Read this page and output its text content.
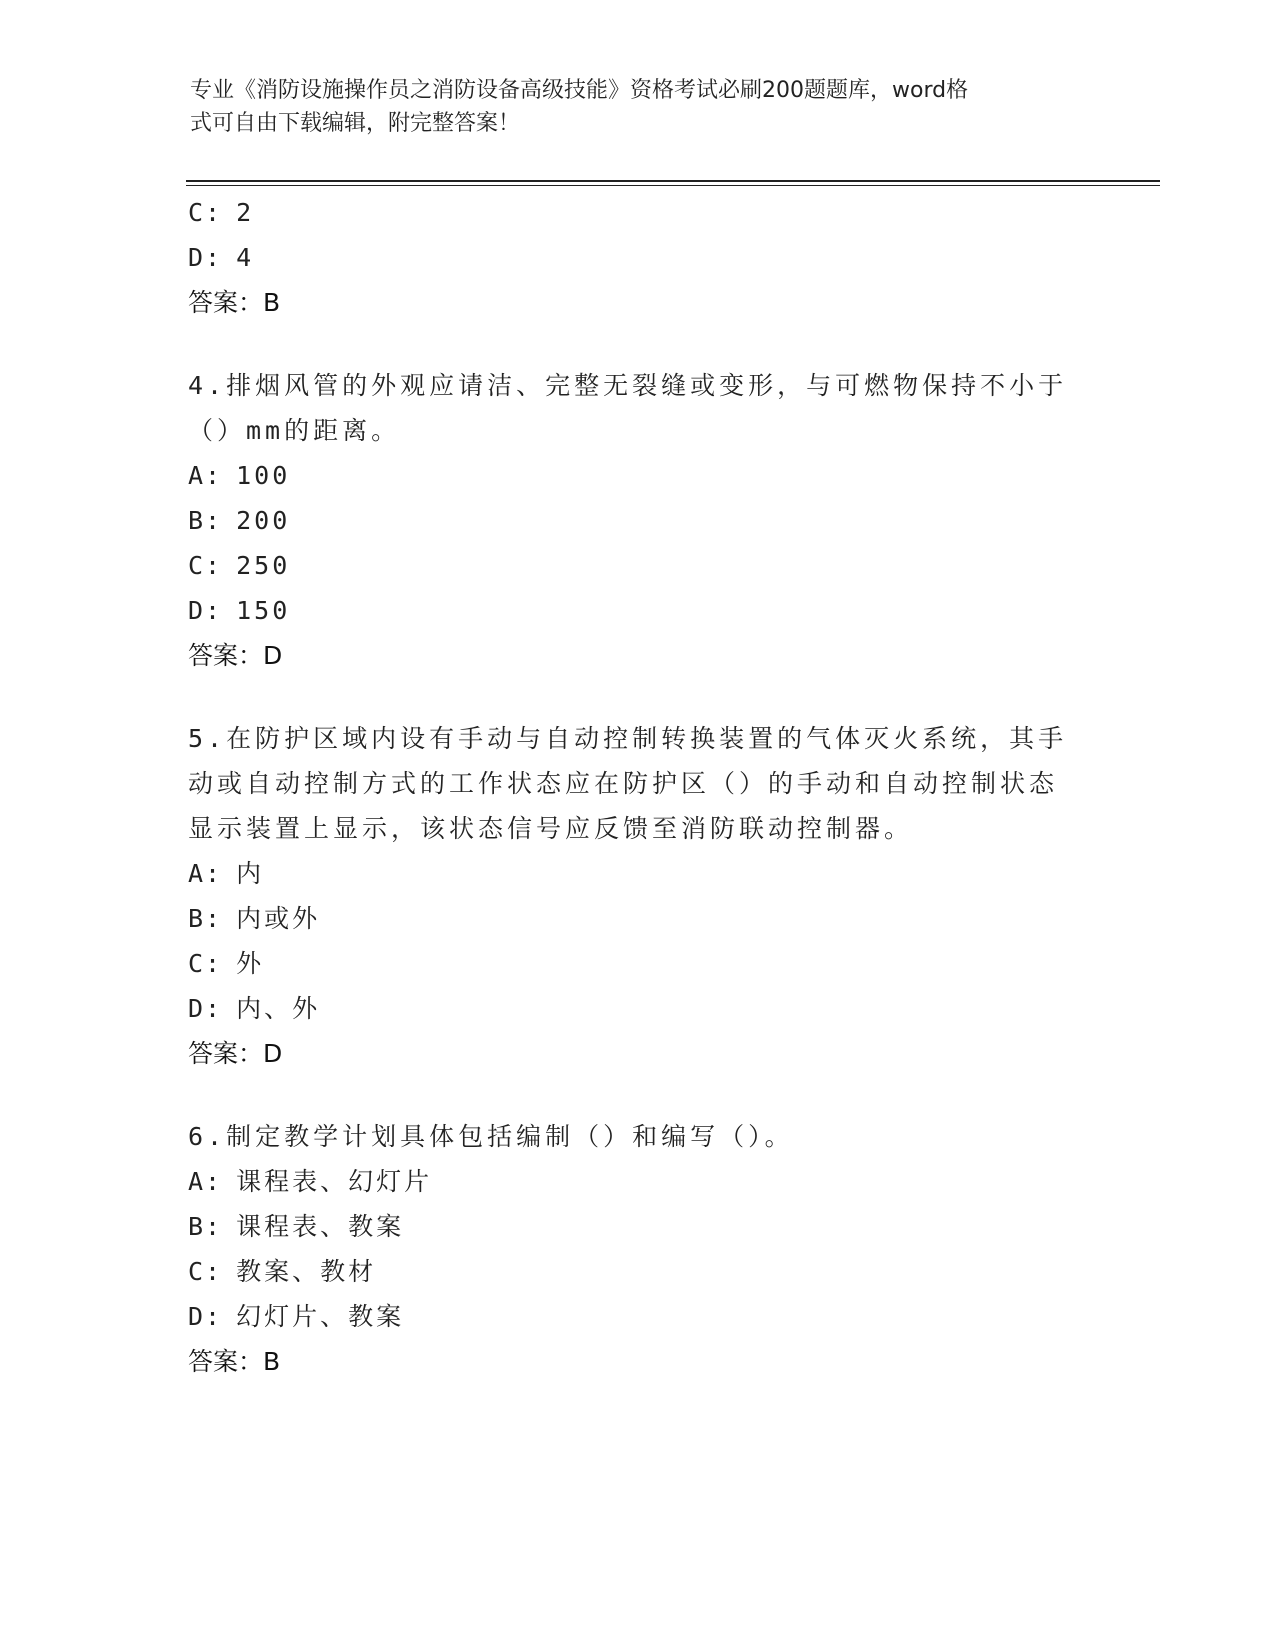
专业《消防设施操作员之消防设备高级技能》资格考试必刷200题题库，word格
式可自由下载编辑，附完整答案！
C: 2
D: 4
答案：B
4.排烟风管的外观应请洁、完整无裂缝或变形，与可燃物保持不小于（）mm的距离。
A: 100
B: 200
C: 250
D: 150
答案：D
5.在防护区域内设有手动与自动控制转换装置的气体灭火系统，其手动或自动控制方式的工作状态应在防护区（）的手动和自动控制状态显示装置上显示，该状态信号应反馈至消防联动控制器。
A: 内
B: 内或外
C: 外
D: 内、外
答案：D
6.制定教学计划具体包括编制（）和编写（）。
A: 课程表、幻灯片
B: 课程表、教案
C: 教案、教材
D: 幻灯片、教案
答案：B
